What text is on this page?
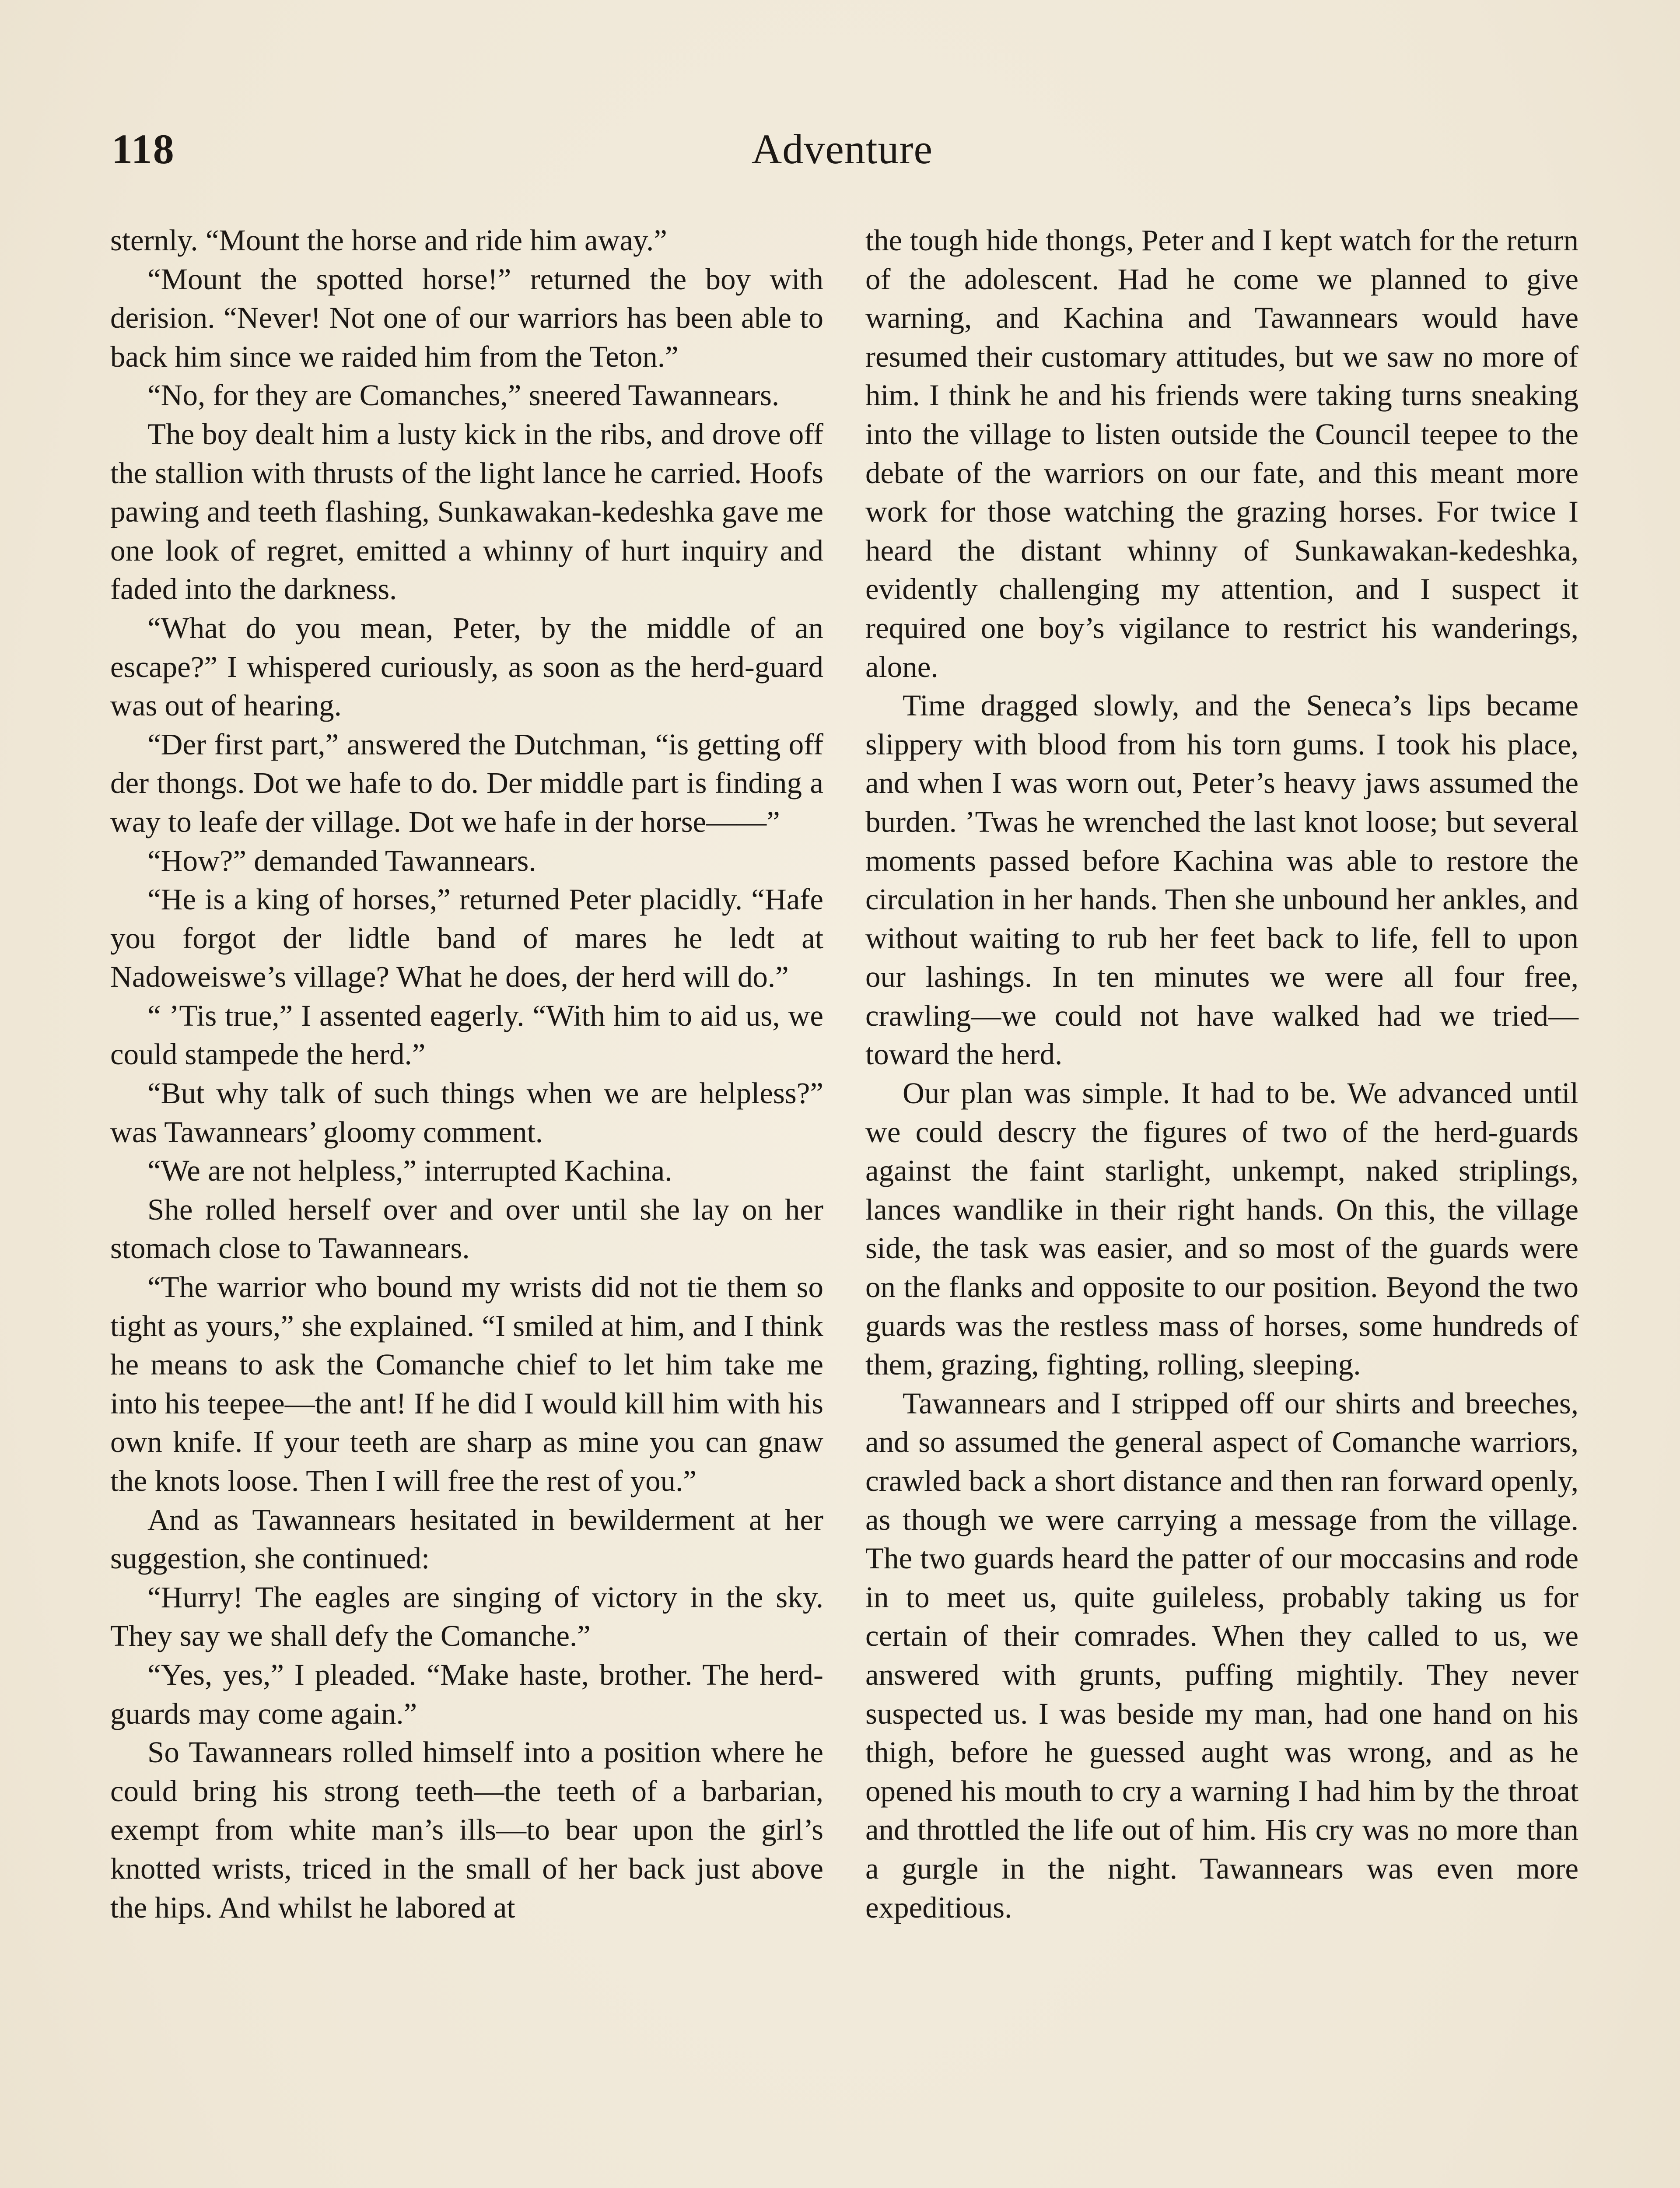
118	Adventure

sternly. “Mount the horse and ride him away.”

“Mount the spotted horse!” returned the boy with derision. “Never! Not one of our warriors has been able to back him since we raided him from the Teton.”

“No, for they are Comanches,” sneered Tawannears.

The boy dealt him a lusty kick in the ribs, and drove off the stallion with thrusts of the light lance he carried. Hoofs pawing and teeth flashing, Sunkawakan-kedeshka gave me one look of regret, emitted a whinny of hurt inquiry and faded into the darkness.

“What do you mean, Peter, by the middle of an escape?” I whispered curiously, as soon as the herd-guard was out of hearing.

“Der first part,” answered the Dutchman, “is getting off der thongs. Dot we hafe to do. Der middle part is finding a way to leafe der village. Dot we hafe in der horse——”

“How?” demanded Tawannears.

“He is a king of horses,” returned Peter placidly. “Hafe you forgot der lidtle band of mares he ledt at Nadoweiswe’s village? What he does, der herd will do.”

“ ’Tis true,” I assented eagerly. “With him to aid us, we could stampede the herd.”

“But why talk of such things when we are helpless?” was Tawannears’ gloomy comment.

“We are not helpless,” interrupted Kachina.

She rolled herself over and over until she lay on her stomach close to Tawannears.

“The warrior who bound my wrists did not tie them so tight as yours,” she explained. “I smiled at him, and I think he means to ask the Comanche chief to let him take me into his teepee—the ant! If he did I would kill him with his own knife. If your teeth are sharp as mine you can gnaw the knots loose. Then I will free the rest of you.”

And as Tawannears hesitated in bewilderment at her suggestion, she continued:

“Hurry! The eagles are singing of victory in the sky. They say we shall defy the Comanche.”

“Yes, yes,” I pleaded. “Make haste, brother. The herd-guards may come again.”

So Tawannears rolled himself into a position where he could bring his strong teeth—the teeth of a barbarian, exempt from white man’s ills—to bear upon the girl’s knotted wrists, triced in the small of her back just above the hips. And whilst he labored at

the tough hide thongs, Peter and I kept watch for the return of the adolescent. Had he come we planned to give warning, and Kachina and Tawannears would have resumed their customary attitudes, but we saw no more of him. I think he and his friends were taking turns sneaking into the village to listen outside the Council teepee to the debate of the warriors on our fate, and this meant more work for those watching the grazing horses. For twice I heard the distant whinny of Sunkawakan-kedeshka, evidently challenging my attention, and I suspect it required one boy’s vigilance to restrict his wanderings, alone.

Time dragged slowly, and the Seneca’s lips became slippery with blood from his torn gums. I took his place, and when I was worn out, Peter’s heavy jaws assumed the burden. ’Twas he wrenched the last knot loose; but several moments passed before Kachina was able to restore the circulation in her hands. Then she unbound her ankles, and without waiting to rub her feet back to life, fell to upon our lashings. In ten minutes we were all four free, crawling—we could not have walked had we tried—toward the herd.

Our plan was simple. It had to be. We advanced until we could descry the figures of two of the herd-guards against the faint starlight, unkempt, naked striplings, lances wandlike in their right hands. On this, the village side, the task was easier, and so most of the guards were on the flanks and opposite to our position. Beyond the two guards was the restless mass of horses, some hundreds of them, grazing, fighting, rolling, sleeping.

Tawannears and I stripped off our shirts and breeches, and so assumed the general aspect of Comanche warriors, crawled back a short distance and then ran forward openly, as though we were carrying a message from the village. The two guards heard the patter of our moccasins and rode in to meet us, quite guileless, probably taking us for certain of their comrades. When they called to us, we answered with grunts, puffing mightily. They never suspected us. I was beside my man, had one hand on his thigh, before he guessed aught was wrong, and as he opened his mouth to cry a warning I had him by the throat and throttled the life out of him. His cry was no more than a gurgle in the night. Tawannears was even more expeditious.
